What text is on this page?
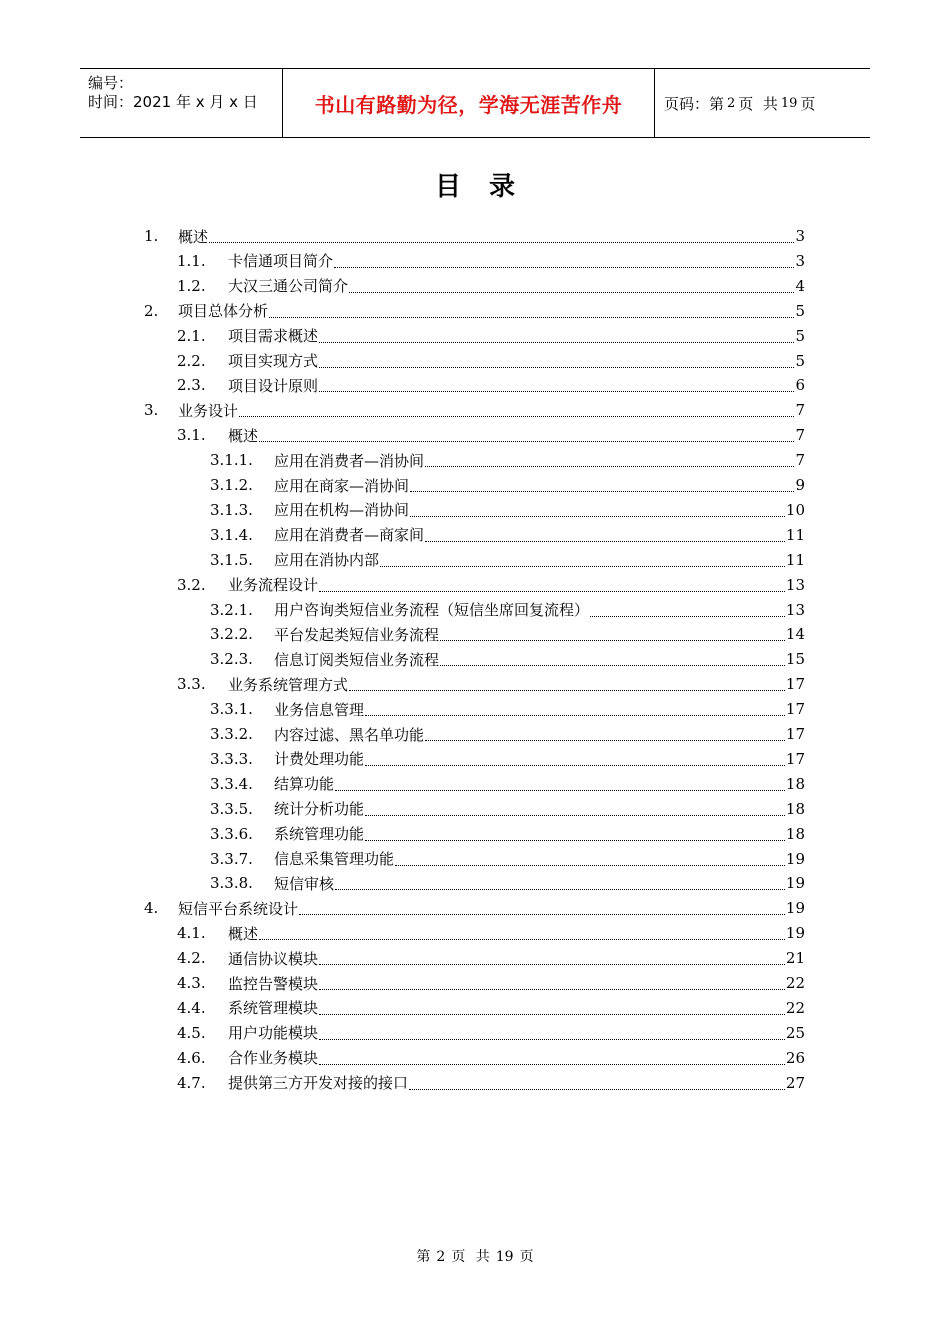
编号：
时间：2021 年 x 月 x 日	书山有路勤为径，学海无涯苦作舟	页码：第 2 页
共 19 页
目录
1.	概述	3
1.1.	卡信通项目简介	3
1.2.	大汉三通公司简介	4
2.	项目总体分析	5
2.1.	项目需求概述	5
2.2.	项目实现方式	5
2.3.	项目设计原则	6
3.	业务设计	7
3.1.	概述	7
3.1.1.	应用在消费者—消协间	7
3.1.2.	应用在商家—消协间	9
3.1.3.	应用在机构—消协间	10
3.1.4.	应用在消费者—商家间	11
3.1.5.	应用在消协内部	11
3.2.	业务流程设计	13
3.2.1.	用户咨询类短信业务流程（短信坐席回复流程）	13
3.2.2.	平台发起类短信业务流程	14
3.2.3.	信息订阅类短信业务流程	15
3.3.	业务系统管理方式	17
3.3.1.	业务信息管理	17
3.3.2.	内容过滤、黑名单功能	17
3.3.3.	计费处理功能	17
3.3.4.	结算功能	18
3.3.5.	统计分析功能	18
3.3.6.	系统管理功能	18
3.3.7.	信息采集管理功能	19
3.3.8.	短信审核	19
4.	短信平台系统设计	19
4.1.	概述	19
4.2.	通信协议模块	21
4.3.	监控告警模块	22
4.4.	系统管理模块	22
4.5.	用户功能模块	25
4.6.	合作业务模块	26
4.7.	提供第三方开发对接的接口	27
第 2 页 共 19 页
